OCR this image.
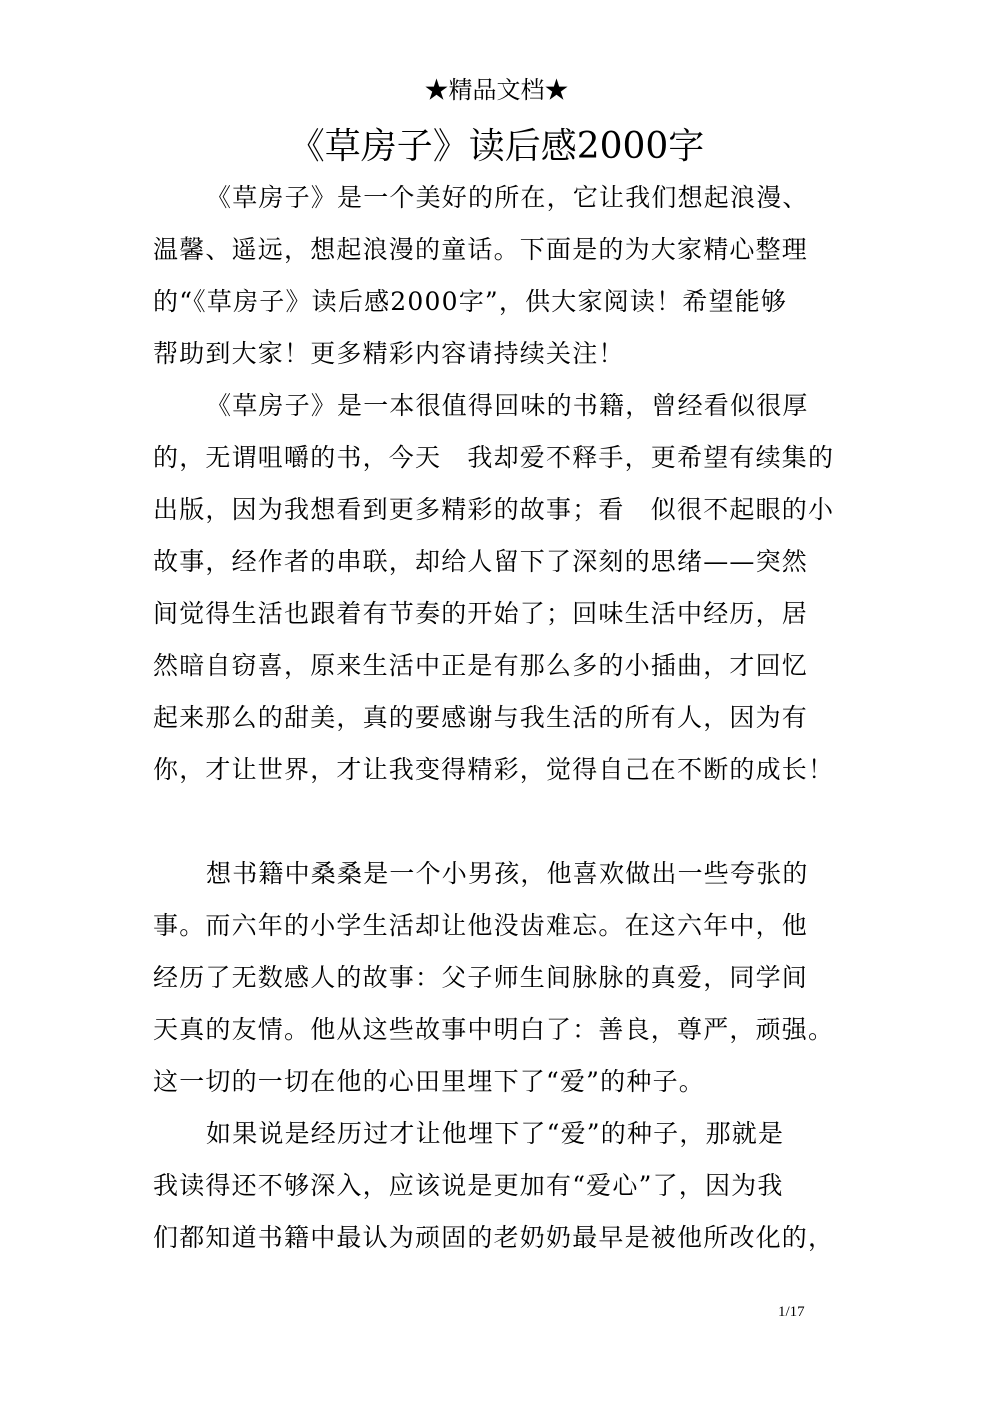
★精品文档★
《草房子》读后感2000字
《草房子》是一个美好的所在，它让我们想起浪漫、
温馨、遥远，想起浪漫的童话。下面是的为大家精心整理
的“《草房子》读后感2000字”，供大家阅读！希望能够
帮助到大家！更多精彩内容请持续关注！
《草房子》是一本很值得回味的书籍，曾经看似很厚
的，无谓咀嚼的书，今天　我却爱不释手，更希望有续集的
出版，因为我想看到更多精彩的故事；看　似很不起眼的小
故事，经作者的串联，却给人留下了深刻的思绪——突然
间觉得生活也跟着有节奏的开始了；回味生活中经历，居
然暗自窃喜，原来生活中正是有那么多的小插曲，才回忆
起来那么的甜美，真的要感谢与我生活的所有人，因为有
你，才让世界，才让我变得精彩，觉得自己在不断的成长！
想书籍中桑桑是一个小男孩，他喜欢做出一些夸张的
事。而六年的小学生活却让他没齿难忘。在这六年中，他
经历了无数感人的故事：父子师生间脉脉的真爱，同学间
天真的友情。他从这些故事中明白了：善良，尊严，顽强。
这一切的一切在他的心田里埋下了“爱”的种子。
如果说是经历过才让他埋下了“爱”的种子，那就是
我读得还不够深入，应该说是更加有“爱心”了，因为我
们都知道书籍中最认为顽固的老奶奶最早是被他所改化的，
1/17
